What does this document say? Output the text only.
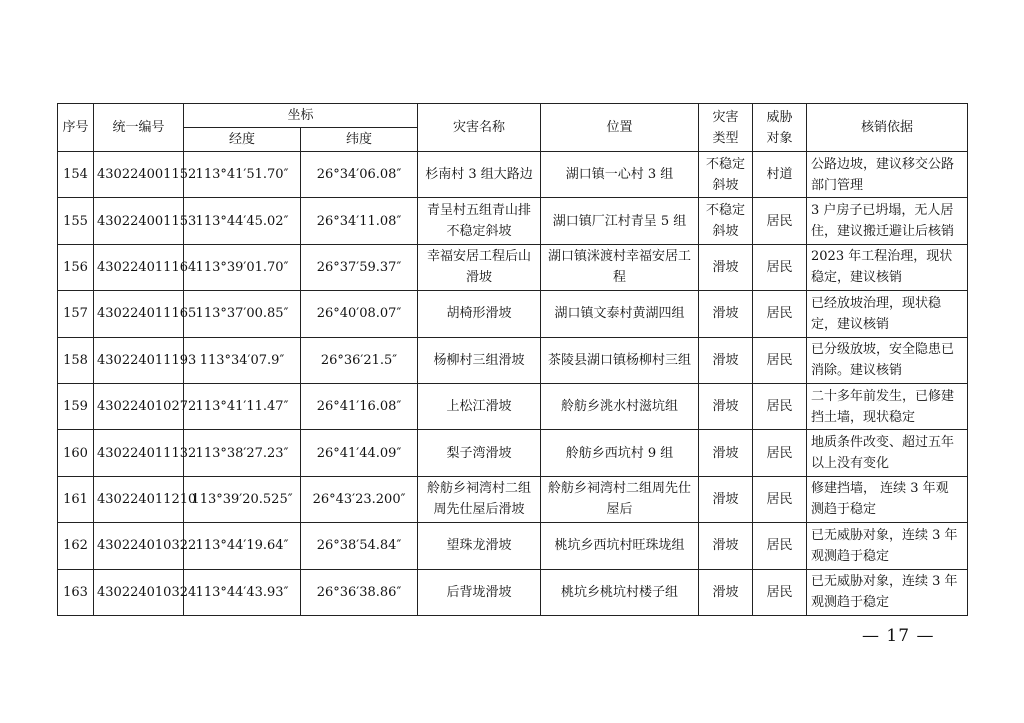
序号	统一编号	坐标		灾害名称	位置	灾害
类型	威胁
对象	核销依据
		经度	纬度					
154	430224001152	113°41′51.70″	26°34′06.08″	杉南村 3 组大路边	湖口镇一心村 3 组	不稳定
斜坡	村道	公路边坡，建议移交公路
部门管理

155	430224001153	113°44′45.02″	26°34′11.08″	青呈村五组青山排
不稳定斜坡	湖口镇厂江村青呈 5 组	不稳定
斜坡	居民	3 户房子已坍塌，无人居
住，建议搬迁避让后核销

156	430224011164	113°39′01.70″	26°37′59.37″	幸福安居工程后山
滑坡	湖口镇洣渡村幸福安居工程	滑坡	居民	2023 年工程治理，现状
稳定，建议核销

157	430224011165	113°37′00.85″	26°40′08.07″	胡椅形滑坡	湖口镇文泰村黄湖四组	滑坡	居民	已经放坡治理，现状稳
定，建议核销

158	430224011193	113°34′07.9″	26°36′21.5″	杨柳村三组滑坡	茶陵县湖口镇杨柳村三组	滑坡	居民	已分级放坡，安全隐患已
消除。建议核销

159	430224010272	113°41′11.47″	26°41′16.08″	上松江滑坡	舲舫乡洮水村滋坑组	滑坡	居民	二十多年前发生，已修建
挡土墙，现状稳定

160	430224011132	113°38′27.23″	26°41′44.09″	梨子湾滑坡	舲舫乡西坑村 9 组	滑坡	居民	地质条件改变、超过五年
以上没有变化

161	430224011210	113°39′20.525″	26°43′23.200″	舲舫乡祠湾村二组
周先仕屋后滑坡	舲舫乡祠湾村二组周先仕
屋后	滑坡	居民	修建挡墙， 连续 3 年观
测趋于稳定

162	430224010322	113°44′19.64″	26°38′54.84″	望珠龙滑坡	桃坑乡西坑村旺珠垅组	滑坡	居民	已无威胁对象，连续 3 年
观测趋于稳定

163	430224010324	113°44′43.93″	26°36′38.86″	后背垅滑坡	桃坑乡桃坑村楼子组	滑坡	居民	已无威胁对象，连续 3 年
观测趋于稳定
— 17 —
